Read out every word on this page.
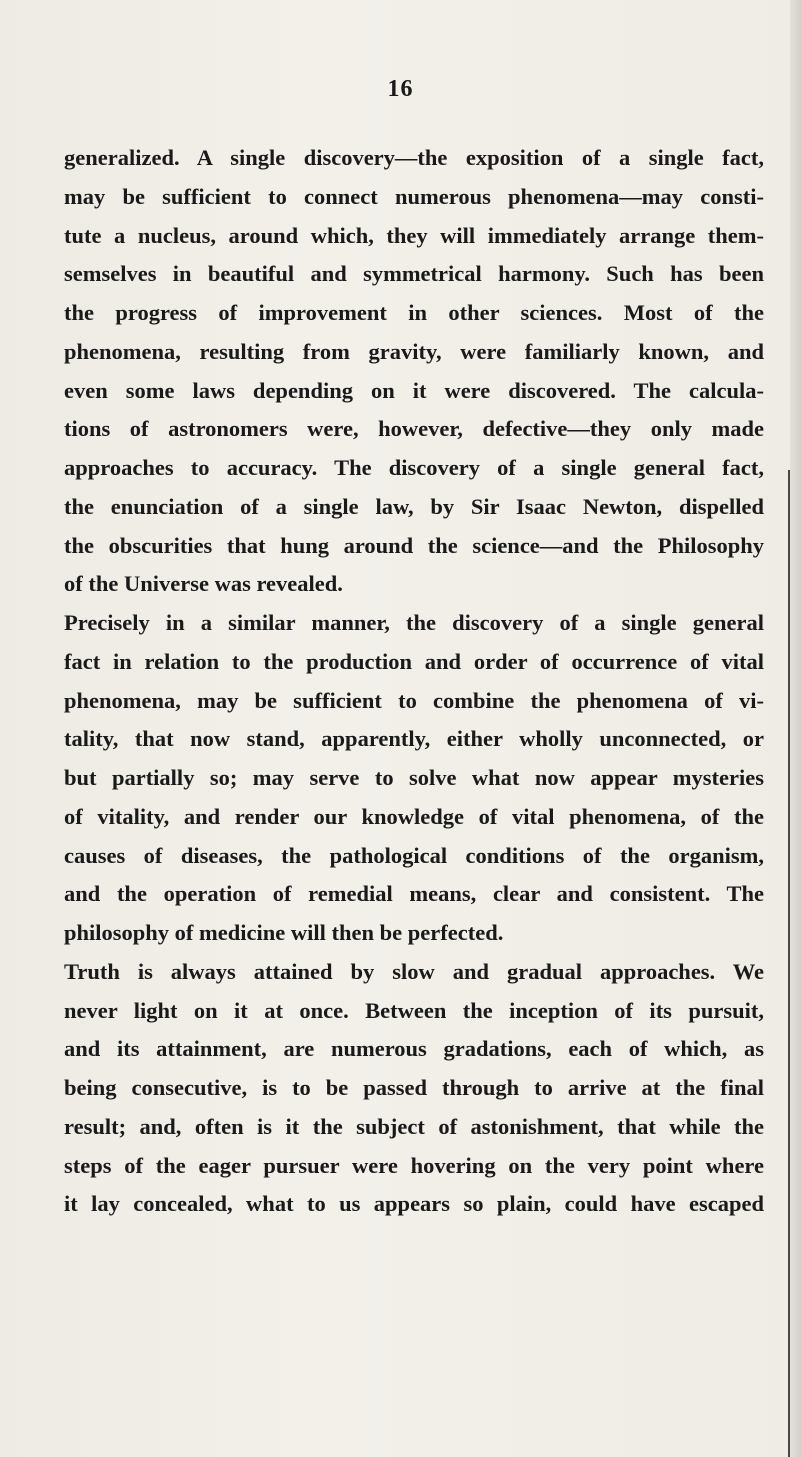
16
generalized. A single discovery—the exposition of a single fact,
may be sufficient to connect numerous phenomena—may consti-
tute a nucleus, around which, they will immediately arrange them-
semselves in beautiful and symmetrical harmony. Such has been
the progress of improvement in other sciences. Most of the
phenomena, resulting from gravity, were familiarly known, and
even some laws depending on it were discovered. The calcula-
tions of astronomers were, however, defective—they only made
approaches to accuracy. The discovery of a single general fact,
the enunciation of a single law, by Sir Isaac Newton, dispelled
the obscurities that hung around the science—and the Philosophy
of the Universe was revealed.
Precisely in a similar manner, the discovery of a single general
fact in relation to the production and order of occurrence of vital
phenomena, may be sufficient to combine the phenomena of vi-
tality, that now stand, apparently, either wholly unconnected, or
but partially so; may serve to solve what now appear mysteries
of vitality, and render our knowledge of vital phenomena, of the
causes of diseases, the pathological conditions of the organism,
and the operation of remedial means, clear and consistent. The
philosophy of medicine will then be perfected.
Truth is always attained by slow and gradual approaches. We
never light on it at once. Between the inception of its pursuit,
and its attainment, are numerous gradations, each of which, as
being consecutive, is to be passed through to arrive at the final
result; and, often is it the subject of astonishment, that while the
steps of the eager pursuer were hovering on the very point where
it lay concealed, what to us appears so plain, could have escaped
